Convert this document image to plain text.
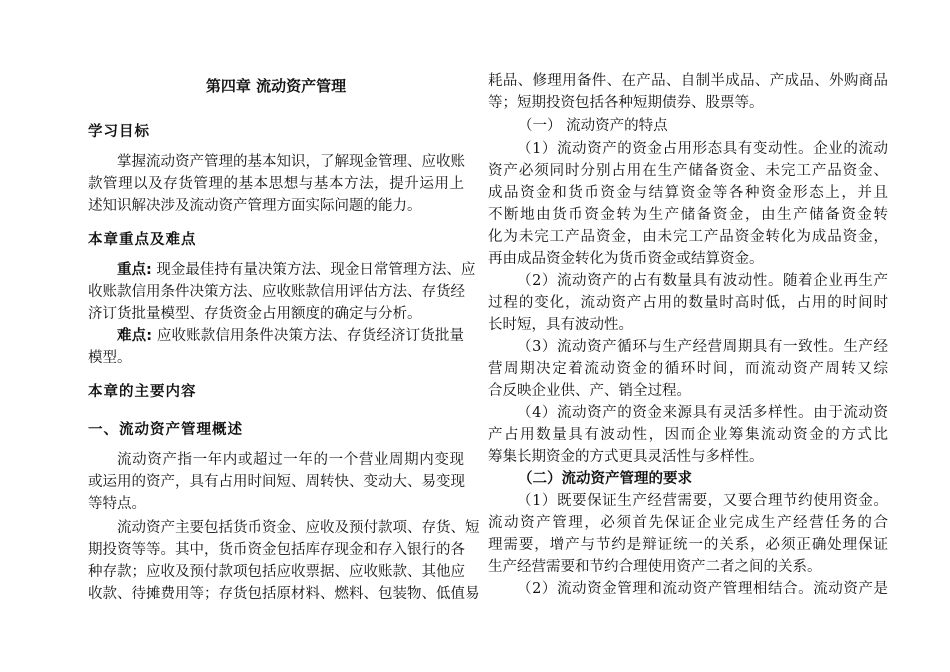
第四章 流动资产管理
学习目标
掌握流动资产管理的基本知识，了解现金管理、应收账
款管理以及存货管理的基本思想与基本方法，提升运用上
述知识解决涉及流动资产管理方面实际问题的能力。
本章重点及难点
重点: 现金最佳持有量决策方法、现金日常管理方法、应
收账款信用条件决策方法、应收账款信用评估方法、存货经
济订货批量模型、存货资金占用额度的确定与分析。
难点: 应收账款信用条件决策方法、存货经济订货批量
模型。
本章的主要内容
一、流动资产管理概述
流动资产指一年内或超过一年的一个营业周期内变现
或运用的资产，具有占用时间短、周转快、变动大、易变现
等特点。
流动资产主要包括货币资金、应收及预付款项、存货、短
期投资等等。其中，货币资金包括库存现金和存入银行的各
种存款；应收及预付款项包括应收票据、应收账款、其他应
收款、待摊费用等；存货包括原材料、燃料、包装物、低值易
耗品、修理用备件、在产品、自制半成品、产成品、外购商品
等；短期投资包括各种短期债券、股票等。
（一） 流动资产的特点
（1）流动资产的资金占用形态具有变动性。企业的流动
资产必须同时分别占用在生产储备资金、未完工产品资金、
成品资金和货币资金与结算资金等各种资金形态上，并且
不断地由货币资金转为生产储备资金，由生产储备资金转
化为未完工产品资金，由未完工产品资金转化为成品资金，
再由成品资金转化为货币资金或结算资金。
（2）流动资产的占有数量具有波动性。随着企业再生产
过程的变化，流动资产占用的数量时高时低，占用的时间时
长时短，具有波动性。
（3）流动资产循环与生产经营周期具有一致性。生产经
营周期决定着流动资金的循环时间，而流动资产周转又综
合反映企业供、产、销全过程。
（4）流动资产的资金来源具有灵活多样性。由于流动资
产占用数量具有波动性，因而企业筹集流动资金的方式比
筹集长期资金的方式更具灵活性与多样性。
（二）流动资产管理的要求
（1）既要保证生产经营需要，又要合理节约使用资金。
流动资产管理，必须首先保证企业完成生产经营任务的合
理需要，增产与节约是辩证统一的关系，必须正确处理保证
生产经营需要和节约合理使用资产二者之间的关系。
（2）流动资金管理和流动资产管理相结合。流动资产是
